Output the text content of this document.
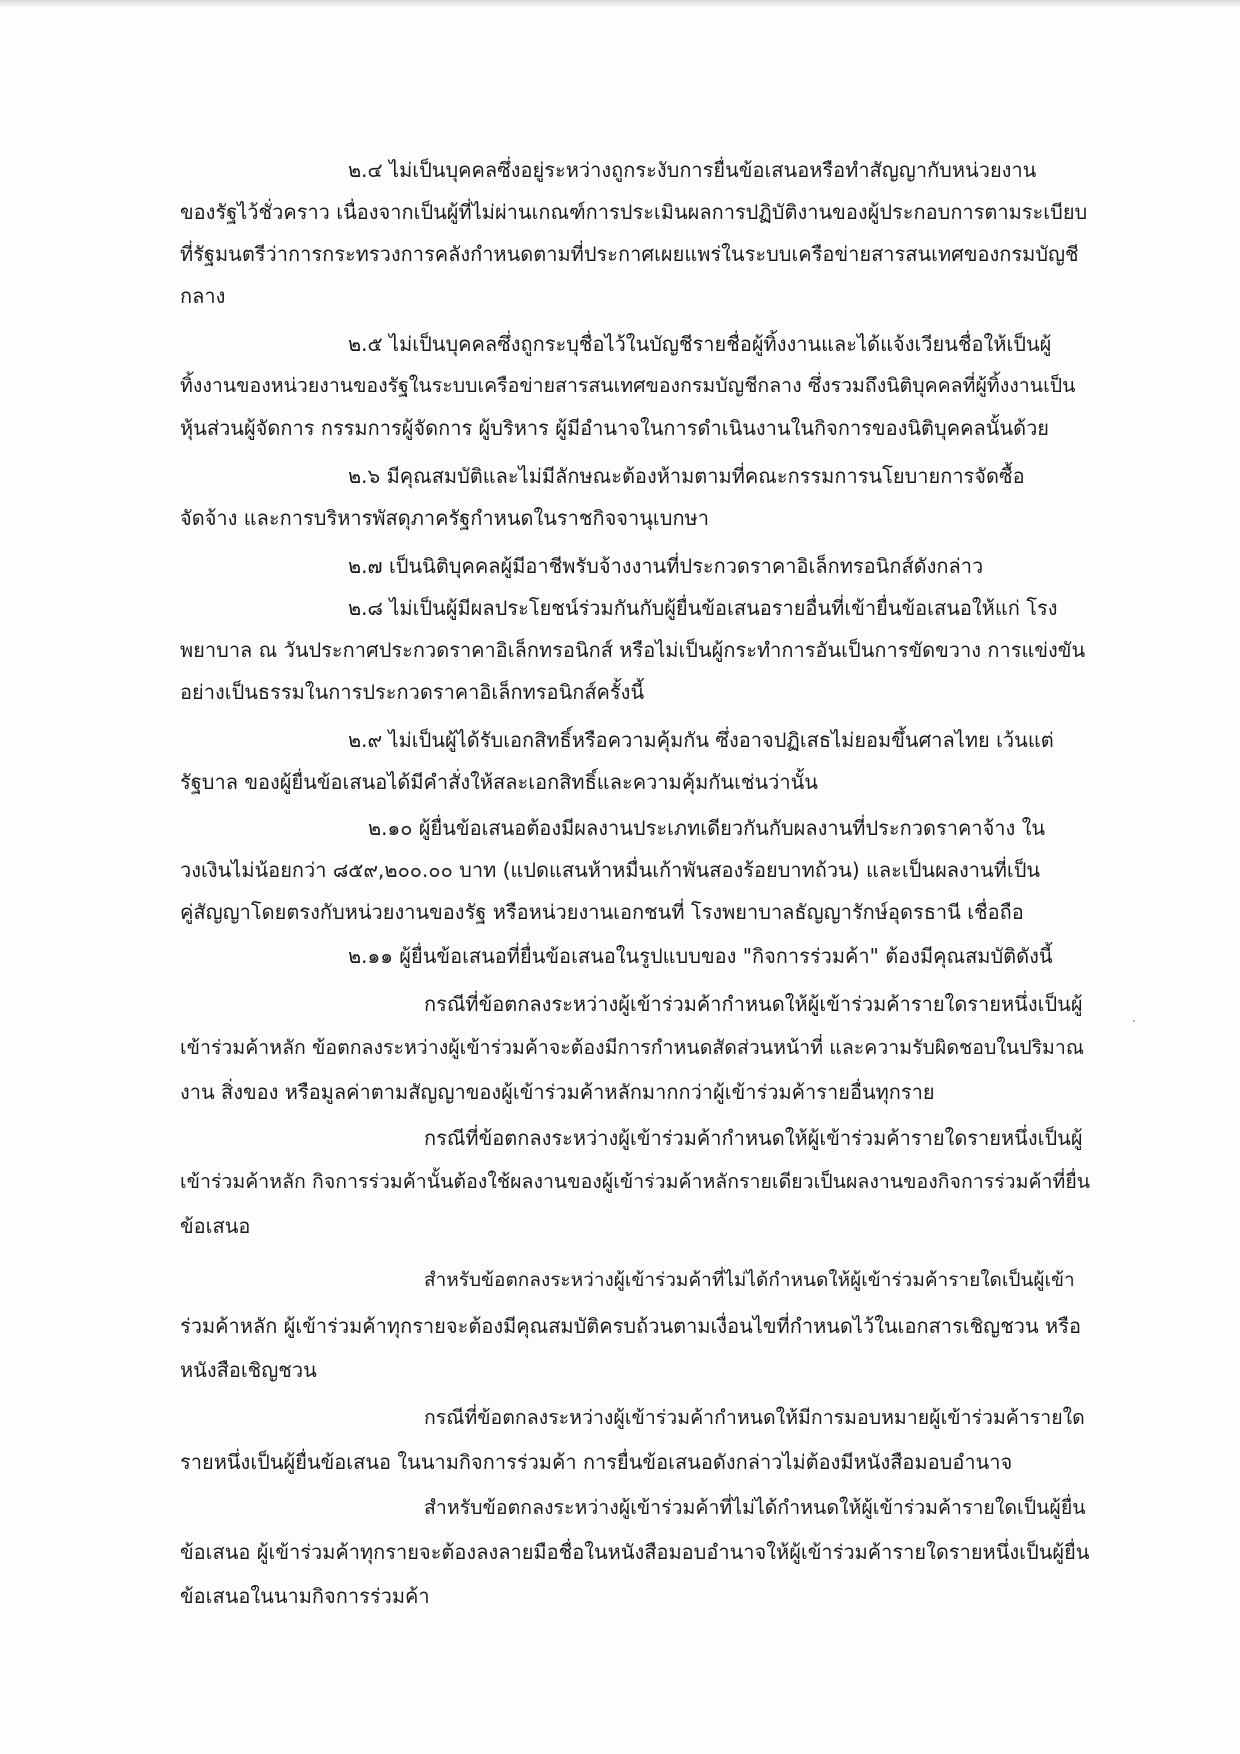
๒.๔ ไม่เป็นบุคคลซึ่งอยู่ระหว่างถูกระงับการยื่นข้อเสนอหรือทำสัญญากับหน่วยงาน
ของรัฐไว้ชั่วคราว เนื่องจากเป็นผู้ที่ไม่ผ่านเกณฑ์การประเมินผลการปฏิบัติงานของผู้ประกอบการตามระเบียบ
ที่รัฐมนตรีว่าการกระทรวงการคลังกำหนดตามที่ประกาศเผยแพร่ในระบบเครือข่ายสารสนเทศของกรมบัญชี
กลาง
๒.๕ ไม่เป็นบุคคลซึ่งถูกระบุชื่อไว้ในบัญชีรายชื่อผู้ทิ้งงานและได้แจ้งเวียนชื่อให้เป็นผู้
ทิ้งงานของหน่วยงานของรัฐในระบบเครือข่ายสารสนเทศของกรมบัญชีกลาง ซึ่งรวมถึงนิติบุคคลที่ผู้ทิ้งงานเป็น
หุ้นส่วนผู้จัดการ กรรมการผู้จัดการ ผู้บริหาร ผู้มีอำนาจในการดำเนินงานในกิจการของนิติบุคคลนั้นด้วย
๒.๖ มีคุณสมบัติและไม่มีลักษณะต้องห้ามตามที่คณะกรรมการนโยบายการจัดซื้อ
จัดจ้าง และการบริหารพัสดุภาครัฐกำหนดในราชกิจจานุเบกษา
๒.๗ เป็นนิติบุคคลผู้มีอาชีพรับจ้างงานที่ประกวดราคาอิเล็กทรอนิกส์ดังกล่าว
๒.๘ ไม่เป็นผู้มีผลประโยชน์ร่วมกันกับผู้ยื่นข้อเสนอรายอื่นที่เข้ายื่นข้อเสนอให้แก่ โรง
พยาบาล ณ วันประกาศประกวดราคาอิเล็กทรอนิกส์ หรือไม่เป็นผู้กระทำการอันเป็นการขัดขวาง การแข่งขัน
อย่างเป็นธรรมในการประกวดราคาอิเล็กทรอนิกส์ครั้งนี้
๒.๙ ไม่เป็นผู้ได้รับเอกสิทธิ์หรือความคุ้มกัน ซึ่งอาจปฏิเสธไม่ยอมขึ้นศาลไทย เว้นแต่
รัฐบาล ของผู้ยื่นข้อเสนอได้มีคำสั่งให้สละเอกสิทธิ์และความคุ้มกันเช่นว่านั้น
๒.๑๐ ผู้ยื่นข้อเสนอต้องมีผลงานประเภทเดียวกันกับผลงานที่ประกวดราคาจ้าง ใน
วงเงินไม่น้อยกว่า ๘๕๙,๒๐๐.๐๐ บาท (แปดแสนห้าหมื่นเก้าพันสองร้อยบาทถ้วน) และเป็นผลงานที่เป็น
คู่สัญญาโดยตรงกับหน่วยงานของรัฐ หรือหน่วยงานเอกชนที่ โรงพยาบาลธัญญารักษ์อุดรธานี เชื่อถือ
๒.๑๑ ผู้ยื่นข้อเสนอที่ยื่นข้อเสนอในรูปแบบของ "กิจการร่วมค้า" ต้องมีคุณสมบัติดังนี้
กรณีที่ข้อตกลงระหว่างผู้เข้าร่วมค้ากำหนดให้ผู้เข้าร่วมค้ารายใดรายหนึ่งเป็นผู้
เข้าร่วมค้าหลัก ข้อตกลงระหว่างผู้เข้าร่วมค้าจะต้องมีการกำหนดสัดส่วนหน้าที่ และความรับผิดชอบในปริมาณ
งาน สิ่งของ หรือมูลค่าตามสัญญาของผู้เข้าร่วมค้าหลักมากกว่าผู้เข้าร่วมค้ารายอื่นทุกราย
กรณีที่ข้อตกลงระหว่างผู้เข้าร่วมค้ากำหนดให้ผู้เข้าร่วมค้ารายใดรายหนึ่งเป็นผู้
เข้าร่วมค้าหลัก กิจการร่วมค้านั้นต้องใช้ผลงานของผู้เข้าร่วมค้าหลักรายเดียวเป็นผลงานของกิจการร่วมค้าที่ยื่น
ข้อเสนอ
สำหรับข้อตกลงระหว่างผู้เข้าร่วมค้าที่ไม่ได้กำหนดให้ผู้เข้าร่วมค้ารายใดเป็นผู้เข้า
ร่วมค้าหลัก ผู้เข้าร่วมค้าทุกรายจะต้องมีคุณสมบัติครบถ้วนตามเงื่อนไขที่กำหนดไว้ในเอกสารเชิญชวน หรือ
หนังสือเชิญชวน
กรณีที่ข้อตกลงระหว่างผู้เข้าร่วมค้ากำหนดให้มีการมอบหมายผู้เข้าร่วมค้ารายใด
รายหนึ่งเป็นผู้ยื่นข้อเสนอ ในนามกิจการร่วมค้า การยื่นข้อเสนอดังกล่าวไม่ต้องมีหนังสือมอบอำนาจ
สำหรับข้อตกลงระหว่างผู้เข้าร่วมค้าที่ไม่ได้กำหนดให้ผู้เข้าร่วมค้ารายใดเป็นผู้ยื่น
ข้อเสนอ ผู้เข้าร่วมค้าทุกรายจะต้องลงลายมือชื่อในหนังสือมอบอำนาจให้ผู้เข้าร่วมค้ารายใดรายหนึ่งเป็นผู้ยื่น
ข้อเสนอในนามกิจการร่วมค้า
